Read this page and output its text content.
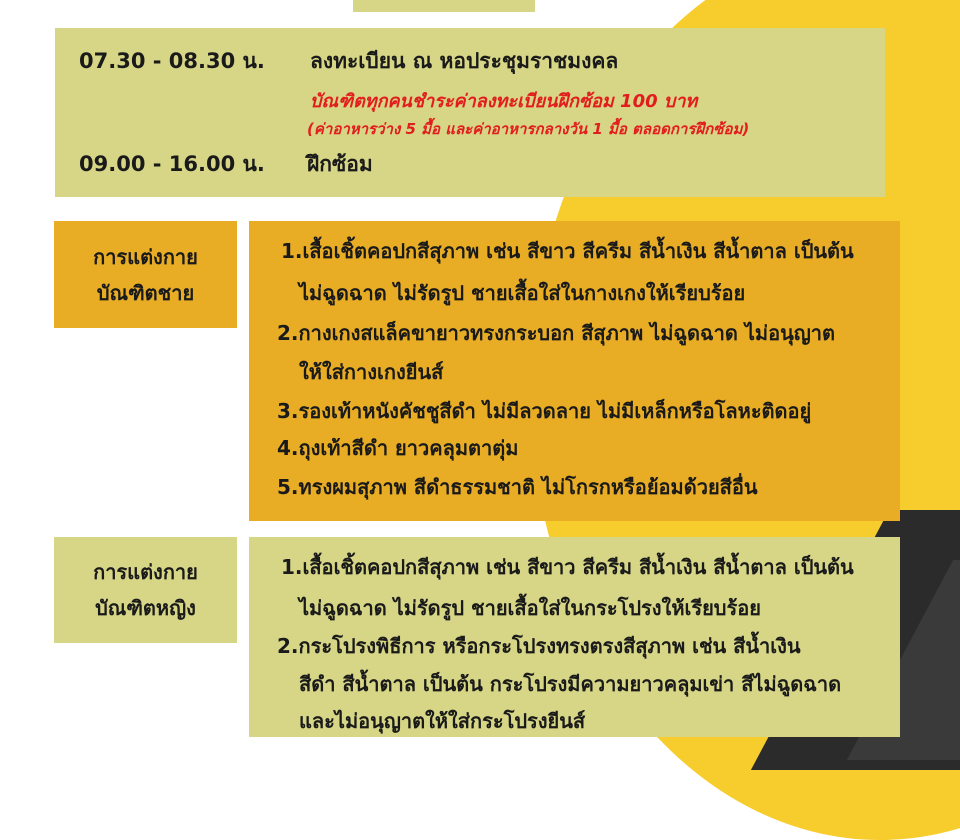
07.30 - 08.30 น. ลงทะเบียน ณ หอประชุมราชมงคล
บัณฑิตทุกคนชำระค่าลงทะเบียนฝึกซ้อม 100 บาท
(ค่าอาหารว่าง 5 มื้อ และค่าอาหารกลางวัน 1 มื้อ ตลอดการฝึกซ้อม)
09.00 - 16.00 น. ฝึกซ้อม
การแต่งกาย
บัณฑิตชาย
1.เสื้อเชิ้ตคอปกสีสุภาพ เช่น สีขาว สีครีม สีน้ำเงิน สีน้ำตาล เป็นต้น
ไม่ฉูดฉาด ไม่รัดรูป ชายเสื้อใส่ในกางเกงให้เรียบร้อย
2.กางเกงสแล็คขายาวทรงกระบอก สีสุภาพ ไม่ฉูดฉาด ไม่อนุญาต
ให้ใส่กางเกงยีนส์
3.รองเท้าหนังคัชชูสีดำ ไม่มีลวดลาย ไม่มีเหล็กหรือโลหะติดอยู่
4.ถุงเท้าสีดำ ยาวคลุมตาตุ่ม
5.ทรงผมสุภาพ สีดำธรรมชาติ ไม่โกรกหรือย้อมด้วยสีอื่น
การแต่งกาย
บัณฑิตหญิง
1.เสื้อเชิ้ตคอปกสีสุภาพ เช่น สีขาว สีครีม สีน้ำเงิน สีน้ำตาล เป็นต้น
ไม่ฉูดฉาด ไม่รัดรูป ชายเสื้อใส่ในกระโปรงให้เรียบร้อย
2.กระโปรงพิธีการ หรือกระโปรงทรงตรงสีสุภาพ เช่น สีน้ำเงิน
สีดำ สีน้ำตาล เป็นต้น กระโปรงมีความยาวคลุมเข่า สีไม่ฉูดฉาด
และไม่อนุญาตให้ใส่กระโปรงยีนส์
